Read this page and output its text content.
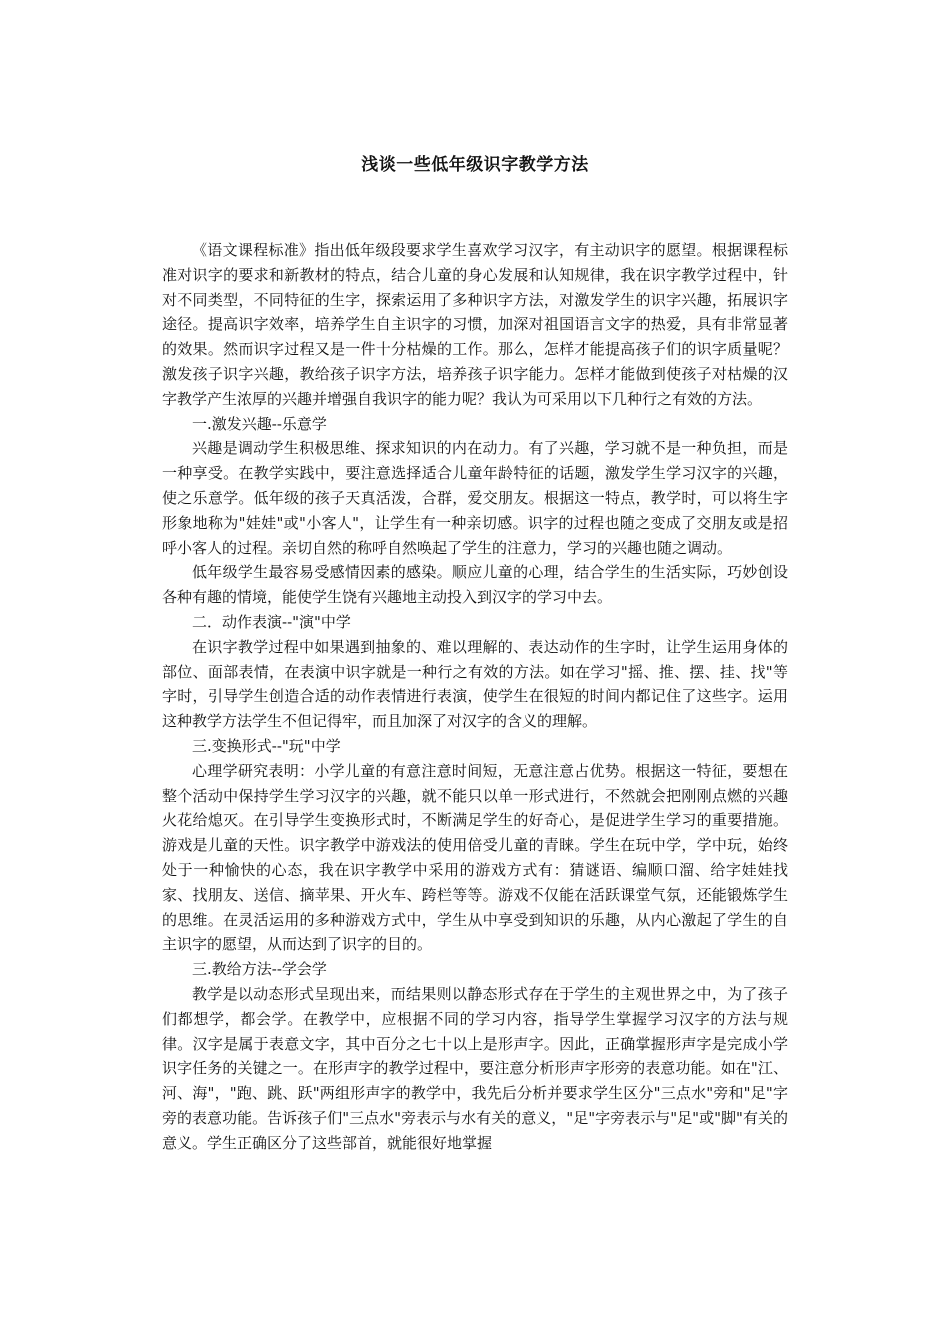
浅谈一些低年级识字教学方法

《语文课程标准》指出低年级段要求学生喜欢学习汉字，有主动识字的愿望。根据课程标准对识字的要求和新教材的特点，结合儿童的身心发展和认知规律，我在识字教学过程中，针对不同类型，不同特征的生字，探索运用了多种识字方法，对激发学生的识字兴趣，拓展识字途径。提高识字效率，培养学生自主识字的习惯，加深对祖国语言文字的热爱，具有非常显著的效果。然而识字过程又是一件十分枯燥的工作。那么，怎样才能提高孩子们的识字质量呢？激发孩子识字兴趣，教给孩子识字方法，培养孩子识字能力。怎样才能做到使孩子对枯燥的汉字教学产生浓厚的兴趣并增强自我识字的能力呢？我认为可采用以下几种行之有效的方法。

一.激发兴趣--乐意学

兴趣是调动学生积极思维、探求知识的内在动力。有了兴趣，学习就不是一种负担，而是一种享受。在教学实践中，要注意选择适合儿童年龄特征的话题，激发学生学习汉字的兴趣，使之乐意学。低年级的孩子天真活泼，合群，爱交朋友。根据这一特点，教学时，可以将生字形象地称为"娃娃"或"小客人"，让学生有一种亲切感。识字的过程也随之变成了交朋友或是招呼小客人的过程。亲切自然的称呼自然唤起了学生的注意力，学习的兴趣也随之调动。

低年级学生最容易受感情因素的感染。顺应儿童的心理，结合学生的生活实际，巧妙创设各种有趣的情境，能使学生饶有兴趣地主动投入到汉字的学习中去。

二．动作表演--"演"中学

在识字教学过程中如果遇到抽象的、难以理解的、表达动作的生字时，让学生运用身体的部位、面部表情，在表演中识字就是一种行之有效的方法。如在学习"摇、推、摆、挂、找"等字时，引导学生创造合适的动作表情进行表演，使学生在很短的时间内都记住了这些字。运用这种教学方法学生不但记得牢，而且加深了对汉字的含义的理解。

三.变换形式--"玩"中学

心理学研究表明：小学儿童的有意注意时间短，无意注意占优势。根据这一特征，要想在整个活动中保持学生学习汉字的兴趣，就不能只以单一形式进行，不然就会把刚刚点燃的兴趣火花给熄灭。在引导学生变换形式时，不断满足学生的好奇心，是促进学生学习的重要措施。游戏是儿童的天性。识字教学中游戏法的使用倍受儿童的青睐。学生在玩中学，学中玩，始终处于一种愉快的心态，我在识字教学中采用的游戏方式有：猜谜语、编顺口溜、给字娃娃找家、找朋友、送信、摘苹果、开火车、跨栏等等。游戏不仅能在活跃课堂气氛，还能锻炼学生的思维。在灵活运用的多种游戏方式中，学生从中享受到知识的乐趣，从内心激起了学生的自主识字的愿望，从而达到了识字的目的。

三.教给方法--学会学

教学是以动态形式呈现出来，而结果则以静态形式存在于学生的主观世界之中，为了孩子们都想学，都会学。在教学中，应根据不同的学习内容，指导学生掌握学习汉字的方法与规律。汉字是属于表意文字，其中百分之七十以上是形声字。因此，正确掌握形声字是完成小学识字任务的关键之一。在形声字的教学过程中，要注意分析形声字形旁的表意功能。如在"江、河、海"，"跑、跳、跃"两组形声字的教学中，我先后分析并要求学生区分"三点水"旁和"足"字旁的表意功能。告诉孩子们"三点水"旁表示与水有关的意义，"足"字旁表示与"足"或"脚"有关的意义。学生正确区分了这些部首，就能很好地掌握
